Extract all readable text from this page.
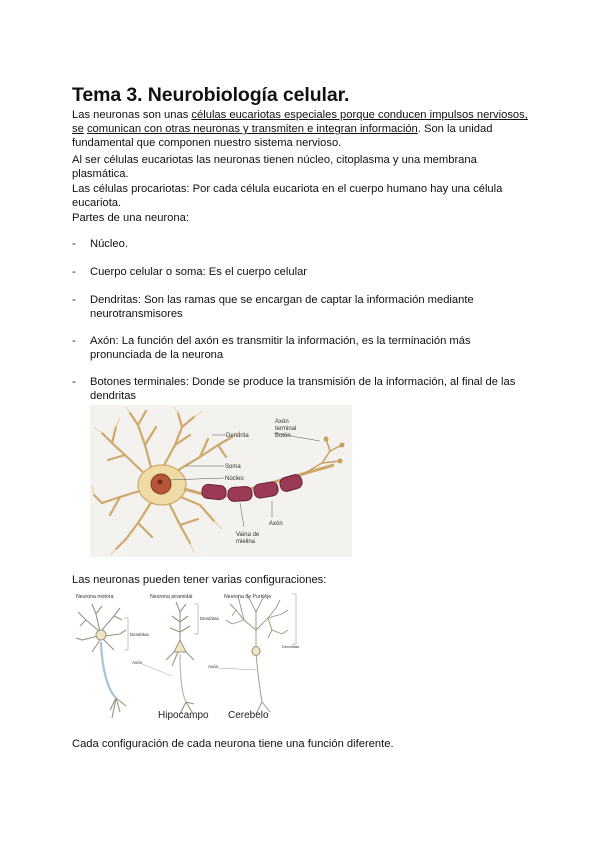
Tema 3. Neurobiología celular.
Las neuronas son unas células eucariotas especiales porque conducen impulsos nerviosos,
se comunican con otras neuronas y transmiten e integran información. Son la unidad
fundamental que componen nuestro sistema nervioso.
Al ser células eucariotas las neuronas tienen núcleo, citoplasma y una membrana
plasmática.
Las células procariotas: Por cada célula eucariota en el cuerpo humano hay una célula
eucariota.
Partes de una neurona:
- Núcleo.
- Cuerpo celular o soma: Es el cuerpo celular
- Dendritas: Son las ramas que se encargan de captar la información mediante
neurotransmisores
- Axón: La función del axón es transmitir la información, es la terminación más
pronunciada de la neurona
- Botones terminales: Donde se produce la transmisión de la información, al final de las
dendritas
Dendrita
Soma
Núcleo
Axón
terminal
Botón
Axón
Vaina de
mielina
Las neuronas pueden tener varias configuraciones:
Neurona motora	Neurona piramidal	Neurona de Purkinje
Dendritas
Dendritas
Dendritas
Axón
Axón
Hipocampo Cerebelo
Cada configuración de cada neurona tiene una función diferente.
